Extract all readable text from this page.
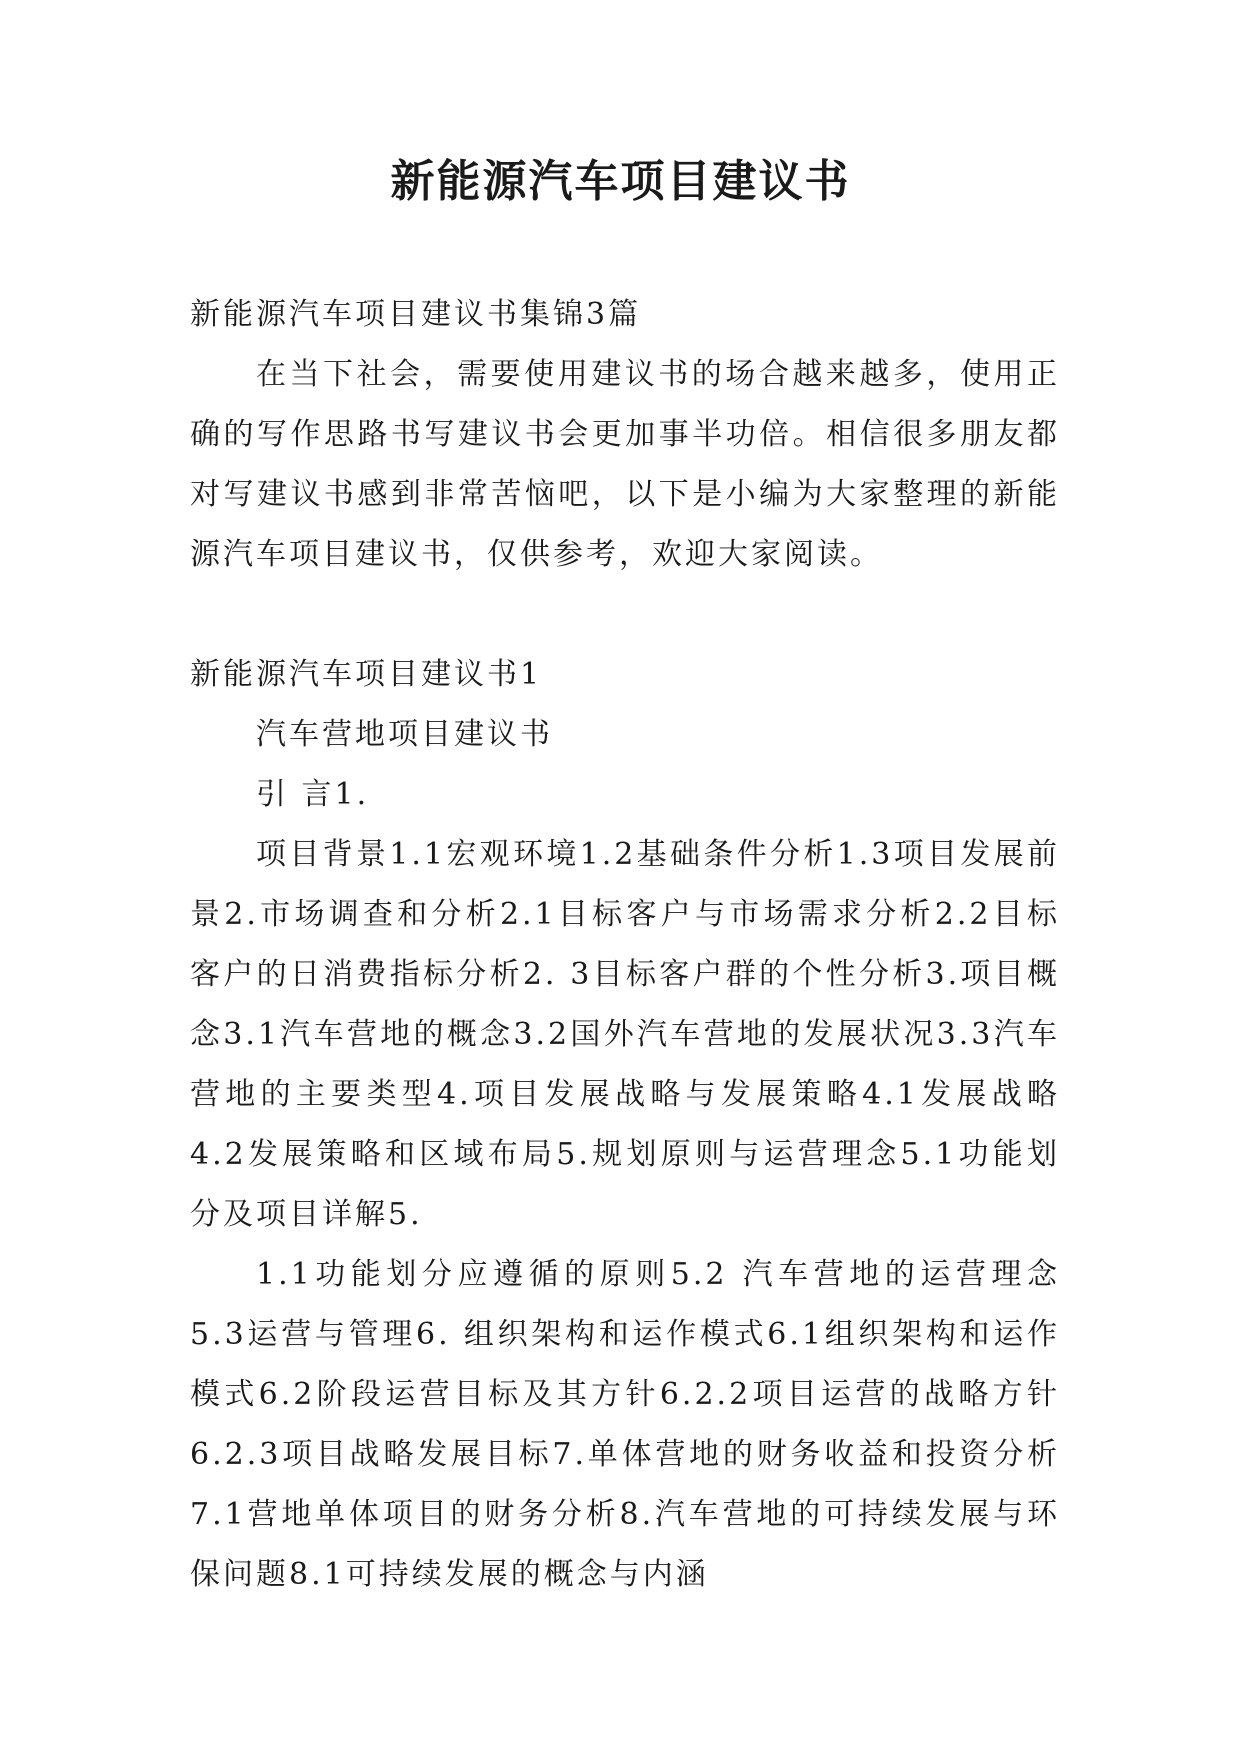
新能源汽车项目建议书

新能源汽车项目建议书集锦3篇

在当下社会，需要使用建议书的场合越来越多，使用正确的写作思路书写建议书会更加事半功倍。相信很多朋友都对写建议书感到非常苦恼吧，以下是小编为大家整理的新能源汽车项目建议书，仅供参考，欢迎大家阅读。

新能源汽车项目建议书1

汽车营地项目建议书

引 言1.

项目背景1.1宏观环境1.2基础条件分析1.3项目发展前景2.市场调查和分析2.1目标客户与市场需求分析2.2目标客户的日消费指标分析2. 3目标客户群的个性分析3.项目概念3.1汽车营地的概念3.2国外汽车营地的发展状况3.3汽车营地的主要类型4.项目发展战略与发展策略4.1发展战略4.2发展策略和区域布局5.规划原则与运营理念5.1功能划分及项目详解5.

1.1功能划分应遵循的原则5.2 汽车营地的运营理念5.3运营与管理6. 组织架构和运作模式6.1组织架构和运作模式6.2阶段运营目标及其方针6.2.2项目运营的战略方针6.2.3项目战略发展目标7.单体营地的财务收益和投资分析7.1营地单体项目的财务分析8.汽车营地的可持续发展与环保问题8.1可持续发展的概念与内涵
